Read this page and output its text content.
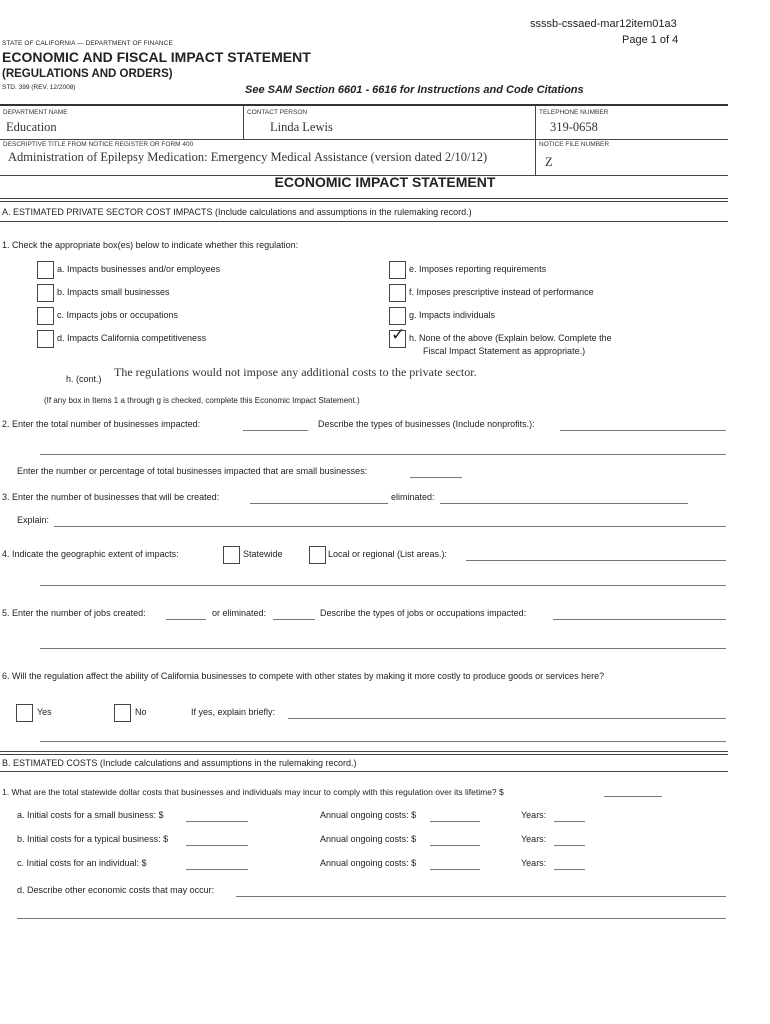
ssssb-cssaed-mar12item01a3
Page 1 of 4
STATE OF CALIFORNIA — DEPARTMENT OF FINANCE
ECONOMIC AND FISCAL IMPACT STATEMENT
(REGULATIONS AND ORDERS)
STD. 399 (REV. 12/2008)	See SAM Section 6601 - 6616 for Instructions and Code Citations
DEPARTMENT NAME
Education
CONTACT PERSON
Linda Lewis
TELEPHONE NUMBER
319-0658
DESCRIPTIVE TITLE FROM NOTICE REGISTER OR FORM 400
Administration of Epilepsy Medication: Emergency Medical Assistance (version dated 2/10/12)
NOTICE FILE NUMBER
Z
ECONOMIC IMPACT STATEMENT
A. ESTIMATED PRIVATE SECTOR COST IMPACTS (Include calculations and assumptions in the rulemaking record.)
1. Check the appropriate box(es) below to indicate whether this regulation:
a. Impacts businesses and/or employees
b. Impacts small businesses
c. Impacts jobs or occupations
d. Impacts California competitiveness
e. Imposes reporting requirements
f. Imposes prescriptive instead of performance
g. Impacts individuals
✓ h. None of the above (Explain below. Complete the
Fiscal Impact Statement as appropriate.)
h. (cont.) The regulations would not impose any additional costs to the private sector.
(If any box in Items 1 a through g is checked, complete this Economic Impact Statement.)
2. Enter the total number of businesses impacted:	Describe the types of businesses (Include nonprofits.):
Enter the number or percentage of total businesses impacted that are small businesses:
3. Enter the number of businesses that will be created:	eliminated:
Explain:
4. Indicate the geographic extent of impacts:	Statewide	Local or regional (List areas.):
5. Enter the number of jobs created:	or eliminated:	Describe the types of jobs or occupations impacted:
6. Will the regulation affect the ability of California businesses to compete with other states by making it more costly to produce goods or services here?
Yes	No	If yes, explain briefly:
B. ESTIMATED COSTS (Include calculations and assumptions in the rulemaking record.)
1. What are the total statewide dollar costs that businesses and individuals may incur to comply with this regulation over its lifetime? $
a. Initial costs for a small business: $	Annual ongoing costs: $	Years:
b. Initial costs for a typical business: $	Annual ongoing costs: $	Years:
c. Initial costs for an individual: $	Annual ongoing costs: $	Years:
d. Describe other economic costs that may occur:
